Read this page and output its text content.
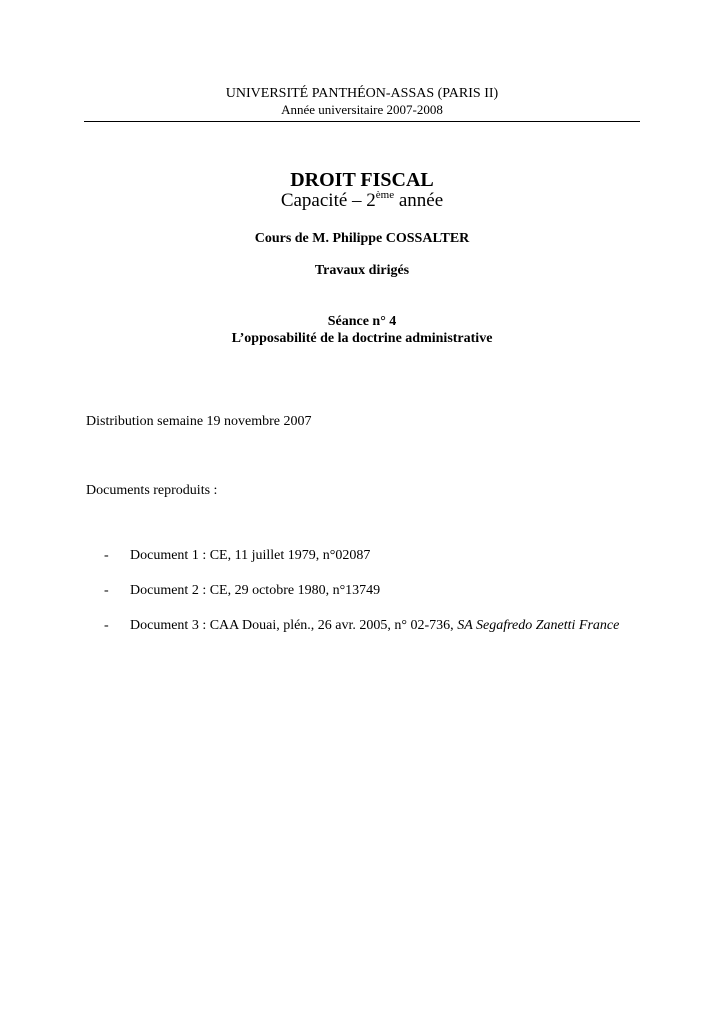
UNIVERSITÉ PANTHÉON-ASSAS (PARIS II)
Année universitaire 2007-2008
DROIT FISCAL
Capacité – 2ème année
Cours de M. Philippe COSSALTER
Travaux dirigés
Séance n° 4
L’opposabilité de la doctrine administrative
Distribution semaine 19 novembre 2007
Documents reproduits :
- Document 1 : CE, 11 juillet 1979, n°02087
- Document 2 : CE, 29 octobre 1980, n°13749
- Document 3 : CAA Douai, plén., 26 avr. 2005, n° 02-736, SA Segafredo Zanetti France
